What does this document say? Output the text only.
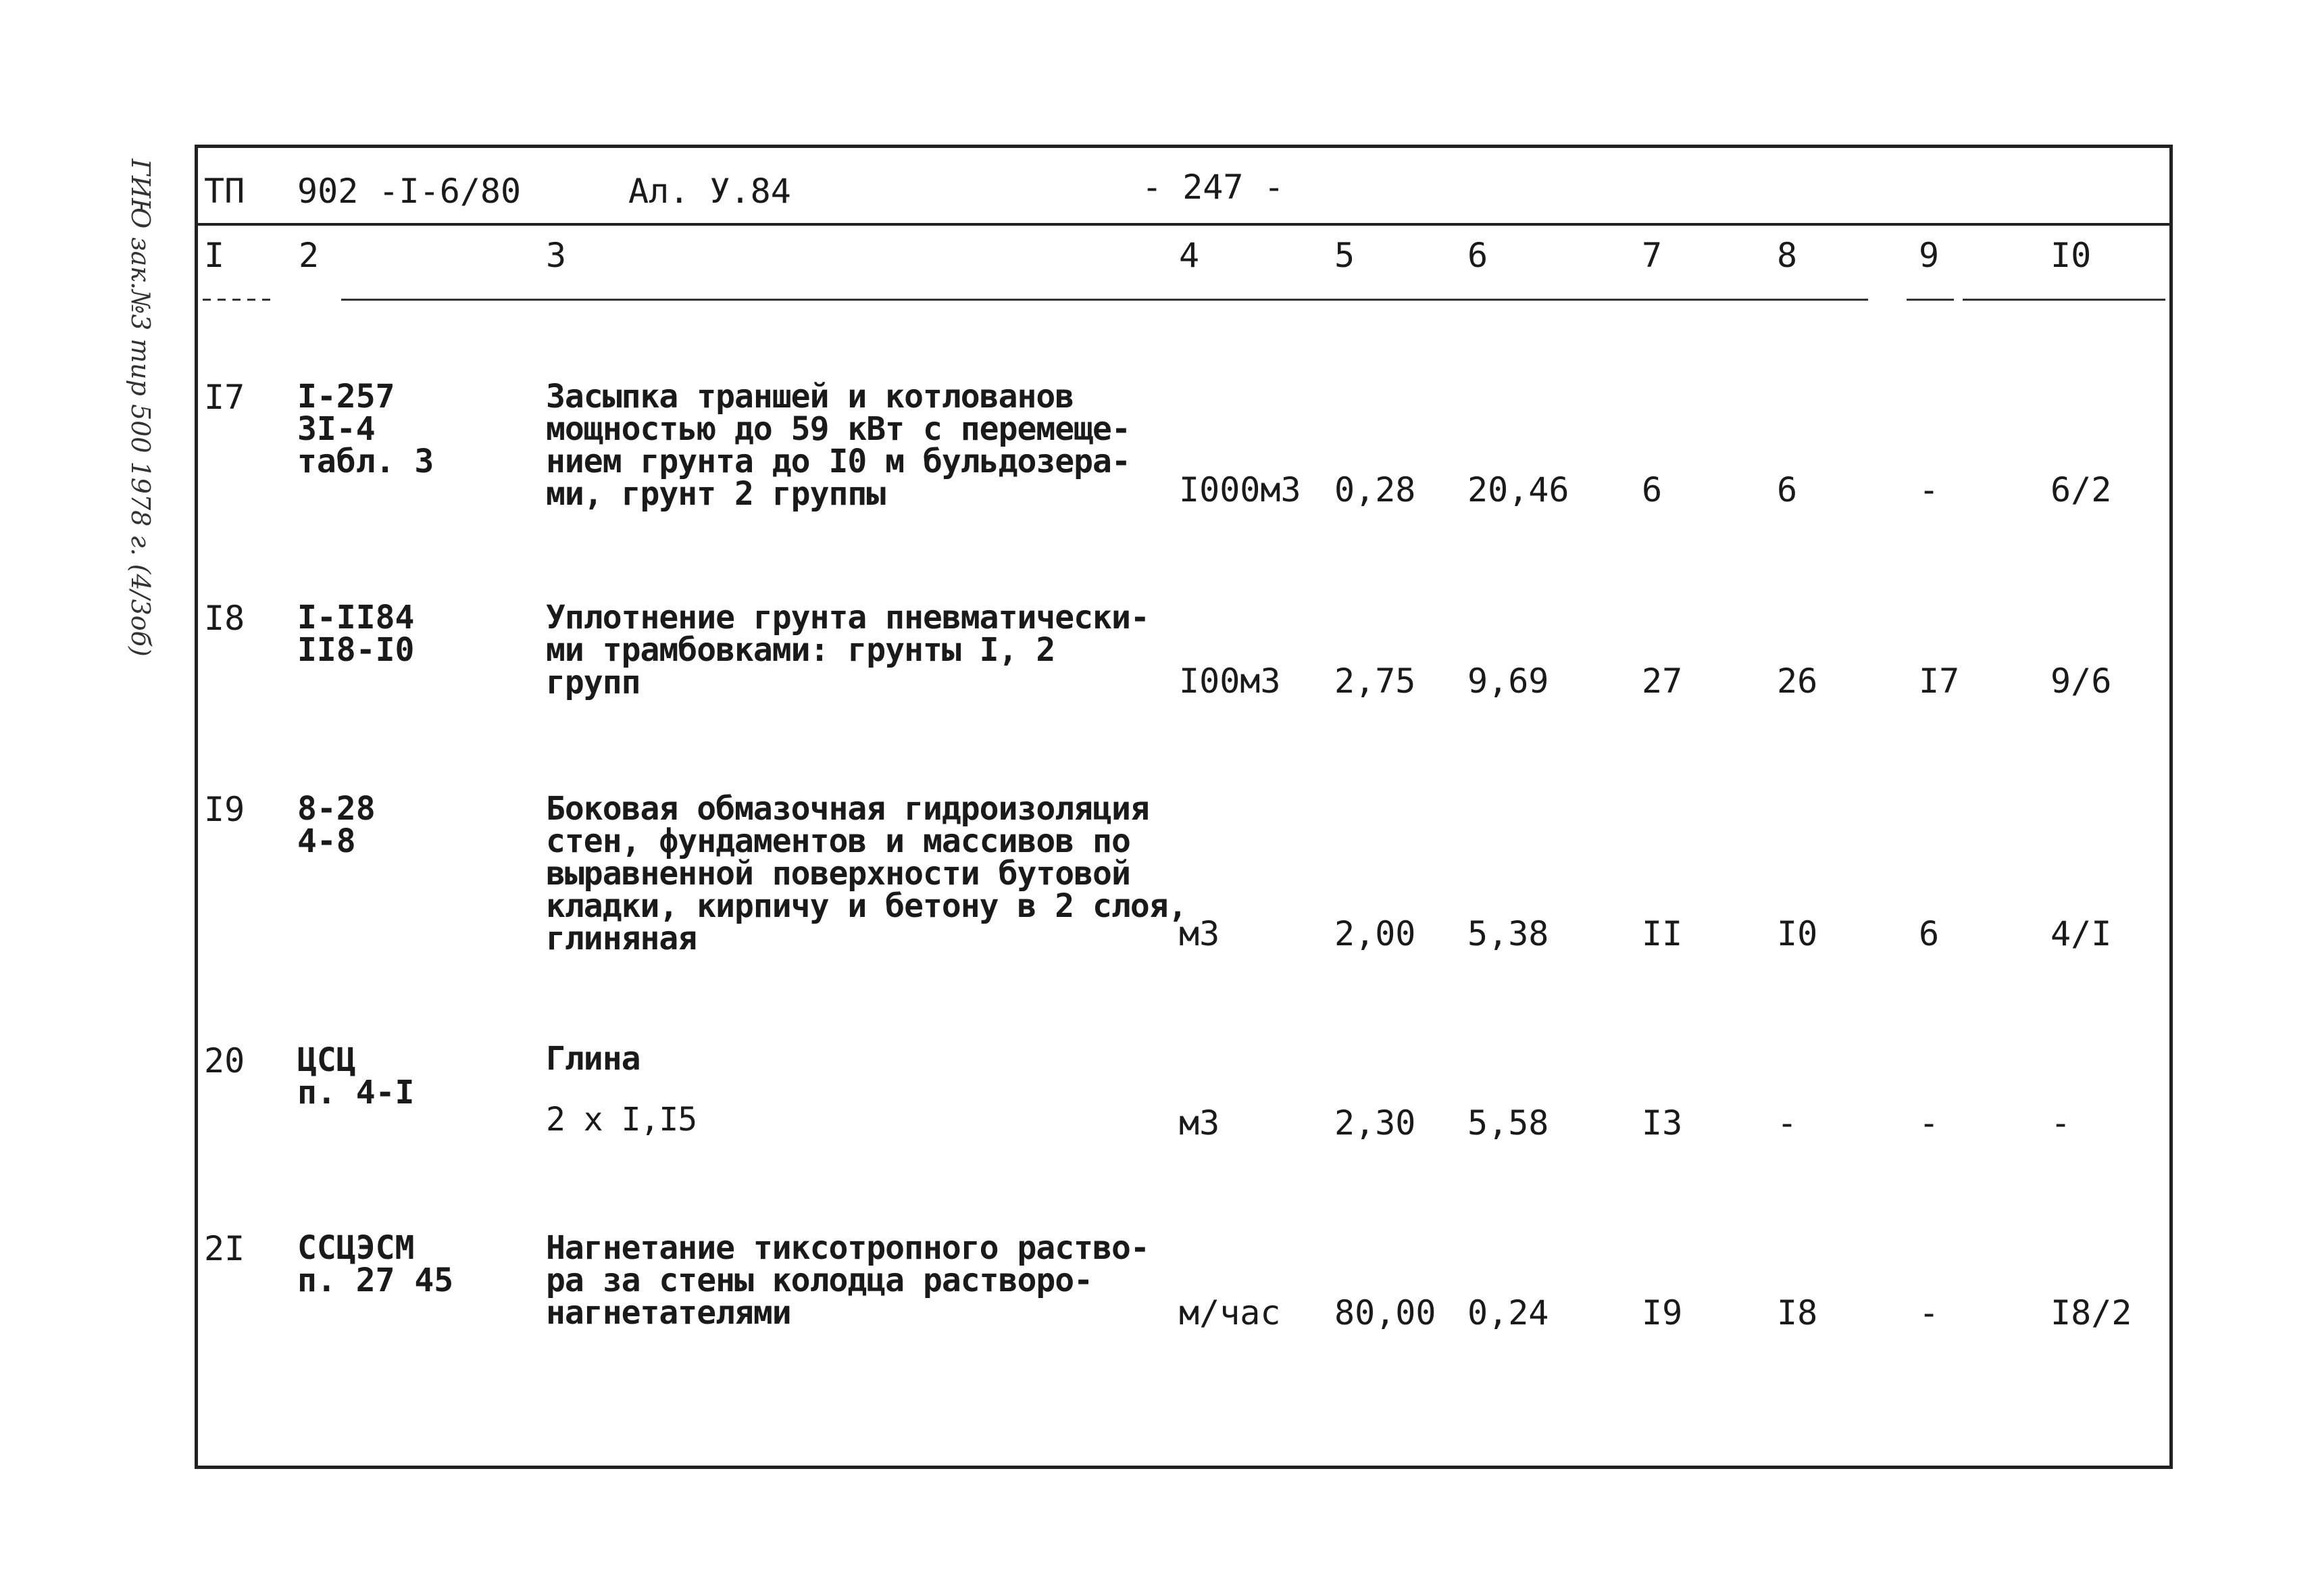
ГИЮ зак.№3 тир 500 1978 г. (4/3об) ТП 902 -I-6/80	Ал. У.84	- 247 -
I 2	3	4	5	6	7	8	9	I0
I7 I-257
3I-4
табл. 3
Засыпка траншей и котлованов
мощностью до 59 кВт с перемеще-
нием грунта до I0 м бульдозера-
ми, грунт 2 группы	I000м3 0,28 20,46 6	6	-	6/2
I8 I-II84
II8-I0
Уплотнение грунта пневматически-
ми трамбовками: грунты I, 2
групп	I00м3 2,75 9,69	27	26	I7	9/6
I9 8-28
4-8
Боковая обмазочная гидроизоляция
стен, фундаментов и массивов по
выравненной поверхности бутовой
кладки, кирпичу и бетону в 2 слоя,
глиняная	м3	2,00 5,38	II	I0	6	4/I
20 ЦСЦ
п. 4-I
Глина
2 х I,I5	м3	2,30 5,58	I3	-	-	-
2I ССЦЭСМ
п. 27 45
Нагнетание тиксотропного раство-
ра за стены колодца растворо-
нагнетателями	м/час 80,00 0,24	I9	I8	-	I8/2
